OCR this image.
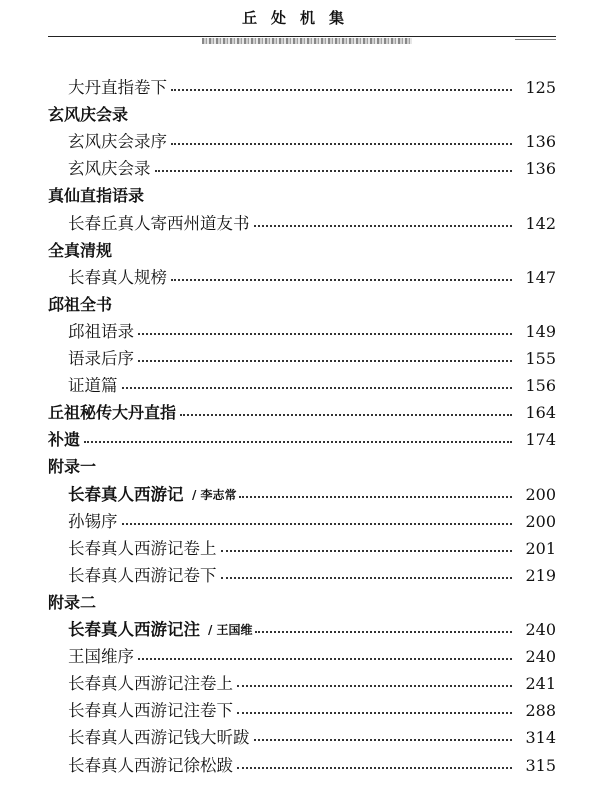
丘处机集
大丹直指卷下	125
玄风庆会录
玄风庆会录序	136
玄风庆会录	136
真仙直指语录
长春丘真人寄西州道友书	142
全真清规
长春真人规榜	147
邱祖全书
邱祖语录	149
语录后序	155
证道篇	156
丘祖秘传大丹直指	164
补遗	174
附录一
长春真人西游记 / 李志常	200
孙锡序	200
长春真人西游记卷上	201
长春真人西游记卷下	219
附录二
长春真人西游记注 / 王国维	240
王国维序	240
长春真人西游记注卷上	241
长春真人西游记注卷下	288
长春真人西游记钱大昕跋	314
长春真人西游记徐松跋	315
